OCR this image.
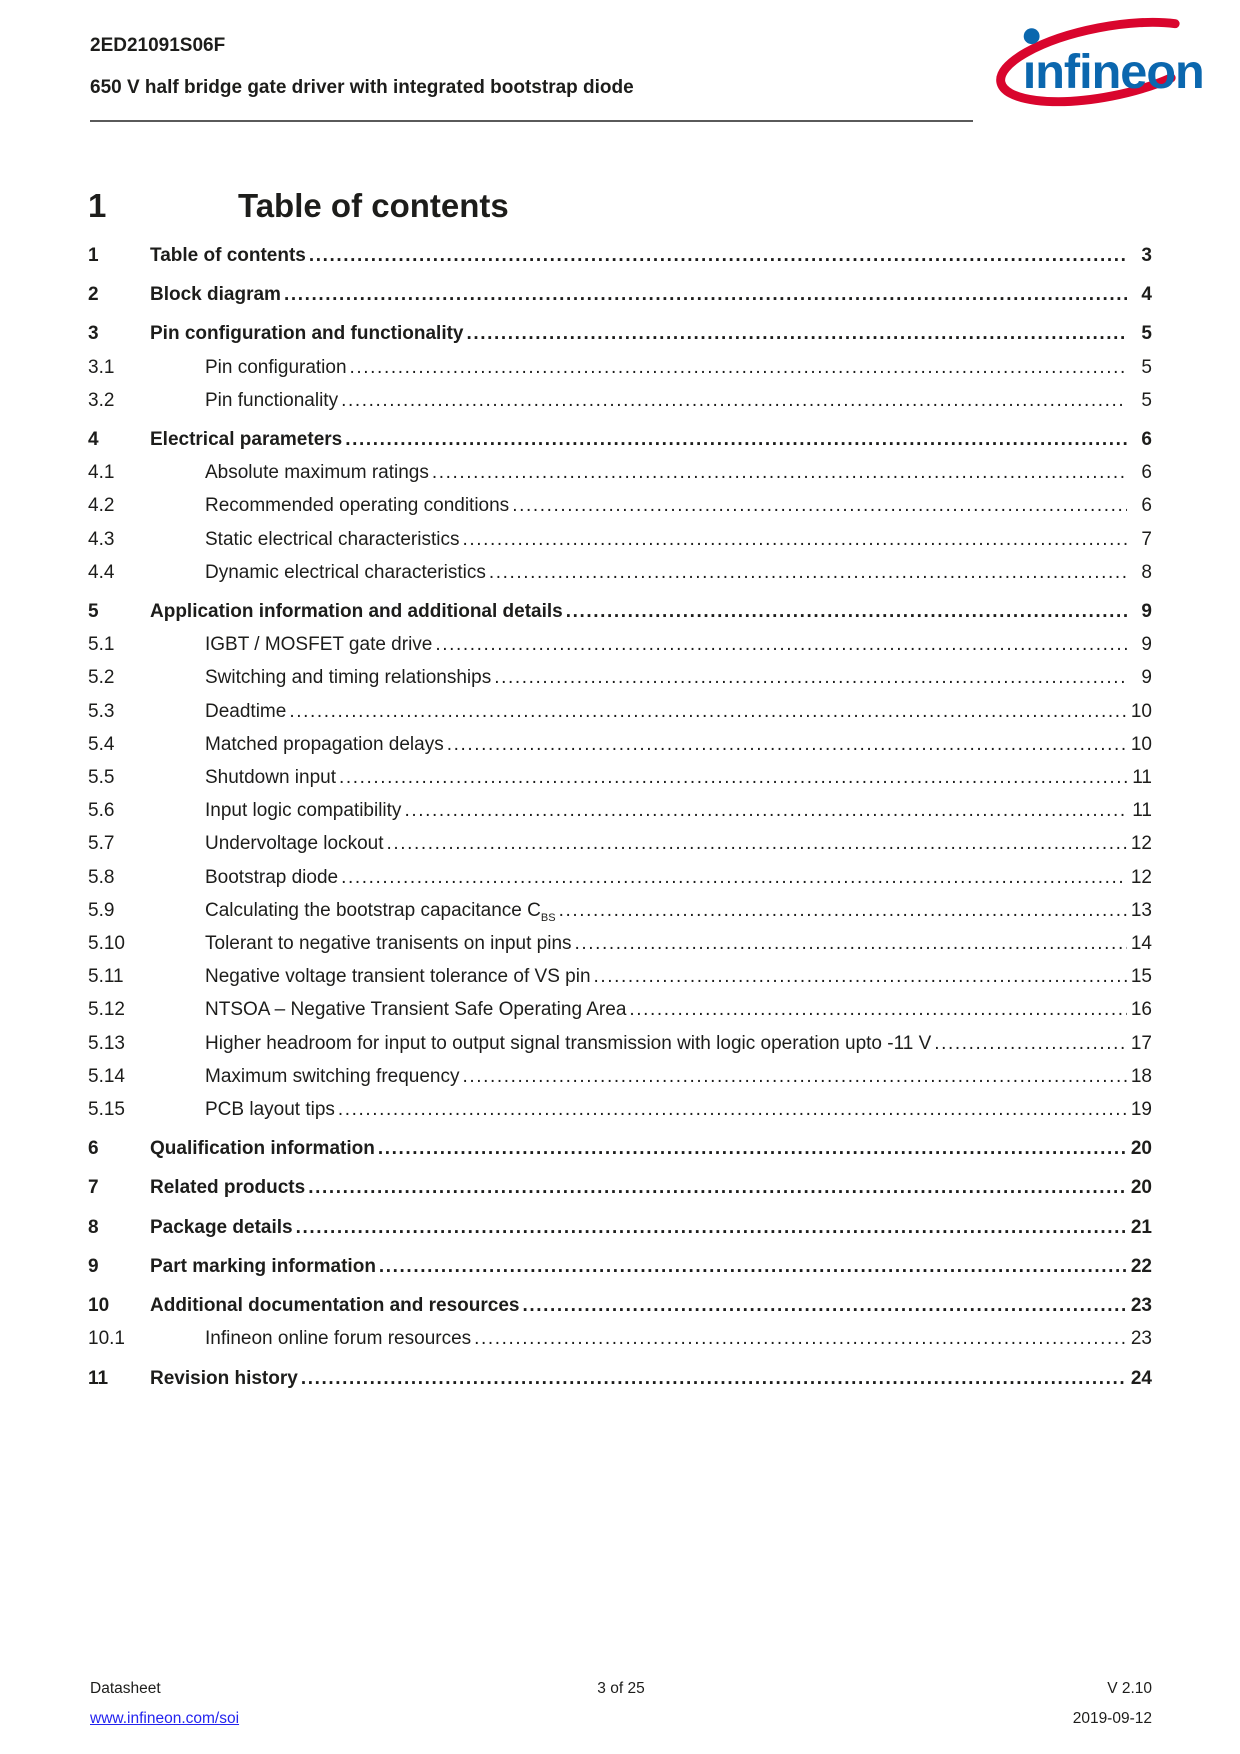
2ED21091S06F
650 V half bridge gate driver with integrated bootstrap diode	ınfineon
1	Table of contents
1	Table of contents .....	3
2	Block diagram .....	4
3	Pin configuration and functionality .....	5
3.1	Pin configuration .....	5
3.2	Pin functionality .....	5
4	Electrical parameters .....	6
4.1	Absolute maximum ratings .....	6
4.2	Recommended operating conditions .....	6
4.3	Static electrical characteristics .....	7
4.4	Dynamic electrical characteristics .....	8
5	Application information and additional details .....	9
5.1	IGBT / MOSFET gate drive .....	9
5.2	Switching and timing relationships .....	9
5.3	Deadtime .....	10
5.4	Matched propagation delays .....	10
5.5	Shutdown input .....	11
5.6	Input logic compatibility .....	11
5.7	Undervoltage lockout .....	12
5.8	Bootstrap diode .....	12
5.9	Calculating the bootstrap capacitance $C_{BS}$ .....	13
5.10	Tolerant to negative tranisents on input pins .....	14
5.11	Negative voltage transient tolerance of VS pin .....	15
5.12	NTSOA – Negative Transient Safe Operating Area .....	16
5.13	Higher headroom for input to output signal transmission with logic operation upto -11 V .....	17
5.14	Maximum switching frequency .....	18
5.15	PCB layout tips .....	19
6	Qualification information .....	20
7	Related products .....	20
8	Package details .....	21
9	Part marking information .....	22
10	Additional documentation and resources .....	23
10.1	Infineon online forum resources .....	23
11	Revision history .....	24
Datasheet
www.infineon.com/soi
3 of 25	V 2.10
2019-09-12
